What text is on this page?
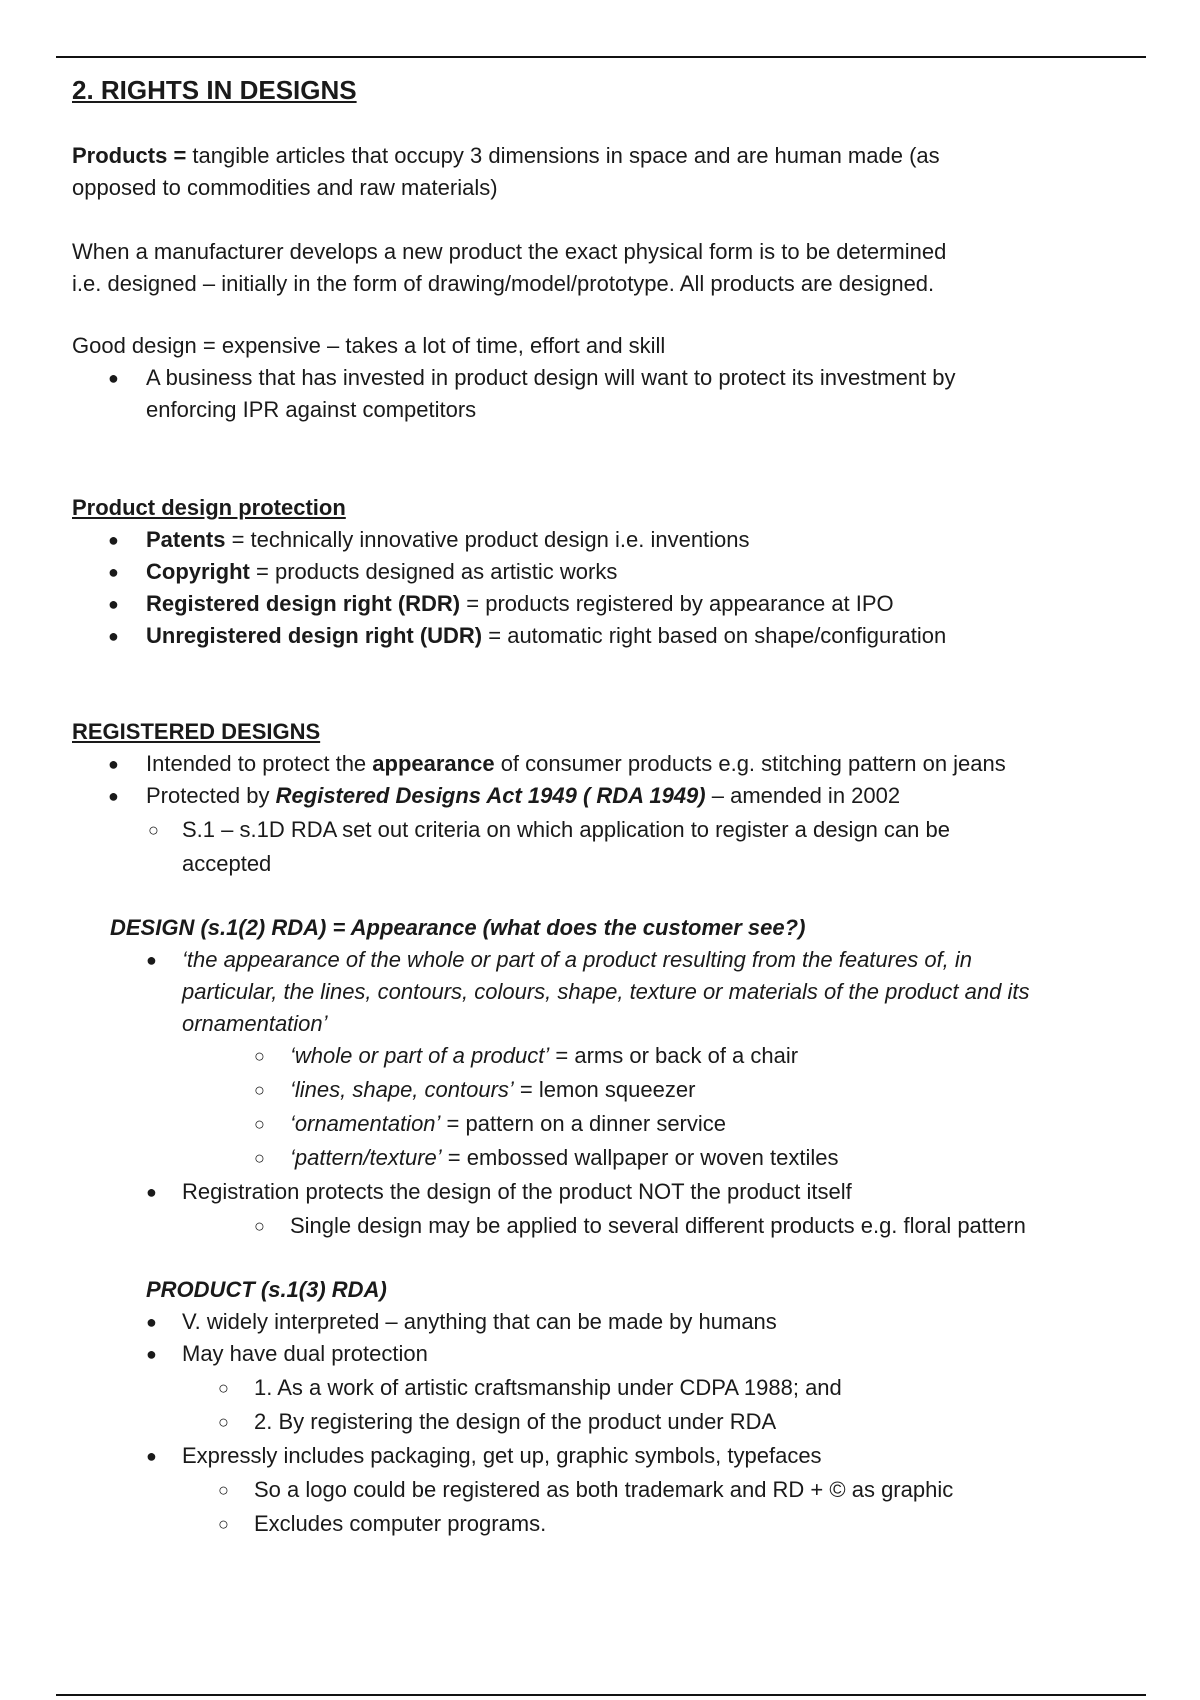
2. RIGHTS IN DESIGNS

Products = tangible articles that occupy 3 dimensions in space and are human made (as

opposed to commodities and raw materials)

When a manufacturer develops a new product the exact physical form is to be determined

i.e. designed – initially in the form of drawing/model/prototype. All products are designed.

Good design = expensive – takes a lot of time, effort and skill

● A business that has invested in product design will want to protect its investment by

enforcing IPR against competitors

Product design protection

● Patents = technically innovative product design i.e. inventions

● Copyright = products designed as artistic works

● Registered design right (RDR) = products registered by appearance at IPO

● Unregistered design right (UDR) = automatic right based on shape/configuration

REGISTERED DESIGNS

● Intended to protect the appearance of consumer products e.g. stitching pattern on jeans

● Protected by Registered Designs Act 1949 ( RDA 1949) – amended in 2002

○ S.1 – s.1D RDA set out criteria on which application to register a design can be

accepted

DESIGN (s.1(2) RDA) = Appearance (what does the customer see?)

● ‘the appearance of the whole or part of a product resulting from the features of, in

particular, the lines, contours, colours, shape, texture or materials of the product and its

ornamentation’

○ ‘whole or part of a product’ = arms or back of a chair

○ ‘lines, shape, contours’ = lemon squeezer

○ ‘ornamentation’ = pattern on a dinner service

○ ‘pattern/texture’ = embossed wallpaper or woven textiles

● Registration protects the design of the product NOT the product itself

○ Single design may be applied to several different products e.g. floral pattern

PRODUCT (s.1(3) RDA)

● V. widely interpreted – anything that can be made by humans

● May have dual protection

○ 1. As a work of artistic craftsmanship under CDPA 1988; and

○ 2. By registering the design of the product under RDA

● Expressly includes packaging, get up, graphic symbols, typefaces

○ So a logo could be registered as both trademark and RD + © as graphic

○ Excludes computer programs.
